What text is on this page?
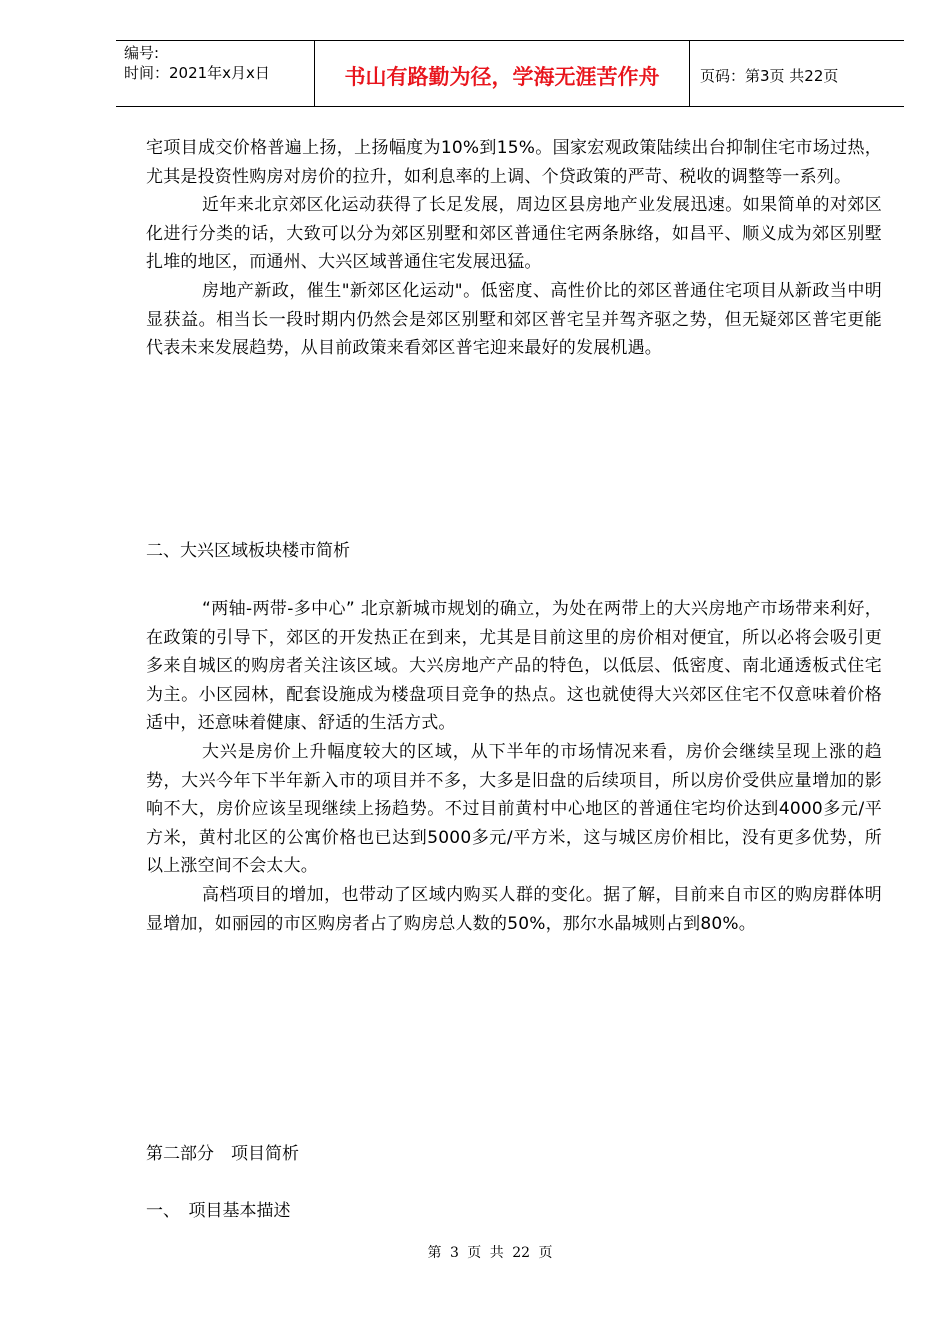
编号:
时间：2021年x月x日	书山有路勤为径，学海无涯苦作舟	页码：第3页 共22页

宅项目成交价格普遍上扬，上扬幅度为10%到15%。国家宏观政策陆续出台抑制住宅市场过热，尤其是投资性购房对房价的拉升，如利息率的上调、个贷政策的严苛、税收的调整等一系列。

近年来北京郊区化运动获得了长足发展，周边区县房地产业发展迅速。如果简单的对郊区化进行分类的话，大致可以分为郊区别墅和郊区普通住宅两条脉络，如昌平、顺义成为郊区别墅扎堆的地区，而通州、大兴区域普通住宅发展迅猛。

房地产新政，催生"新郊区化运动"。低密度、高性价比的郊区普通住宅项目从新政当中明显获益。相当长一段时期内仍然会是郊区别墅和郊区普宅呈并驾齐驱之势，但无疑郊区普宅更能代表未来发展趋势，从目前政策来看郊区普宅迎来最好的发展机遇。

二、大兴区域板块楼市简析

“两轴-两带-多中心” 北京新城市规划的确立，为处在两带上的大兴房地产市场带来利好，在政策的引导下，郊区的开发热正在到来，尤其是目前这里的房价相对便宜，所以必将会吸引更多来自城区的购房者关注该区域。大兴房地产产品的特色，以低层、低密度、南北通透板式住宅为主。小区园林，配套设施成为楼盘项目竞争的热点。这也就使得大兴郊区住宅不仅意味着价格适中，还意味着健康、舒适的生活方式。

大兴是房价上升幅度较大的区域，从下半年的市场情况来看，房价会继续呈现上涨的趋势，大兴今年下半年新入市的项目并不多，大多是旧盘的后续项目，所以房价受供应量增加的影响不大，房价应该呈现继续上扬趋势。不过目前黄村中心地区的普通住宅均价达到4000多元/平方米，黄村北区的公寓价格也已达到5000多元/平方米，这与城区房价相比，没有更多优势，所以上涨空间不会太大。

高档项目的增加，也带动了区域内购买人群的变化。据了解，目前来自市区的购房群体明显增加，如丽园的市区购房者占了购房总人数的50%，那尔水晶城则占到80%。

第二部分　项目简析
一、　项目基本描述
第 3 页 共 22 页
